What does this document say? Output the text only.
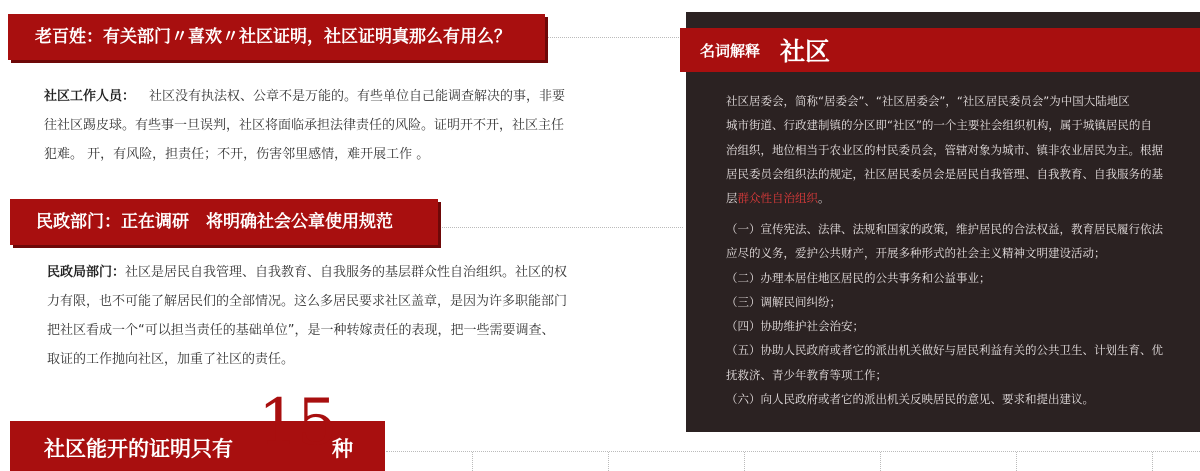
老百姓：有关部门〃喜欢〃社区证明，社区证明真那么有用么？
社区工作人员： 社区没有执法权、公章不是万能的。有些单位自己能调查解决的事，非要
往社区踢皮球。有些事一旦误判，社区将面临承担法律责任的风险。证明开不开，社区主任
犯难。 开，有风险，担责任；不开，伤害邻里感情，难开展工作 。
民政部门：正在调研　将明确社会公章使用规范
民政局部门：社区是居民自我管理、自我教育、自我服务的基层群众性自治组织。社区的权
力有限，也不可能了解居民们的全部情况。这么多居民要求社区盖章，是因为许多职能部门
把社区看成一个“可以担当责任的基础单位”，是一种转嫁责任的表现，把一些需要调查、
取证的工作抛向社区，加重了社区的责任。
社区能开的证明只有 15
种
名词解释 社区
社区居委会，简称“居委会”、“社区居委会”，“社区居民委员会”为中国大陆地区
城市街道、行政建制镇的分区即“社区”的一个主要社会组织机构，属于城镇居民的自
治组织，地位相当于农业区的村民委员会，管辖对象为城市、镇非农业居民为主。根据
居民委员会组织法的规定，社区居民委员会是居民自我管理、自我教育、自我服务的基
层群众性自治组织。
（一）宣传宪法、法律、法规和国家的政策，维护居民的合法权益，教育居民履行依法
应尽的义务，爱护公共财产，开展多种形式的社会主义精神文明建设活动；
（二）办理本居住地区居民的公共事务和公益事业；
（三）调解民间纠纷；
（四）协助维护社会治安；
（五）协助人民政府或者它的派出机关做好与居民利益有关的公共卫生、计划生育、优
抚救济、青少年教育等项工作；
（六）向人民政府或者它的派出机关反映居民的意见、要求和提出建议。
